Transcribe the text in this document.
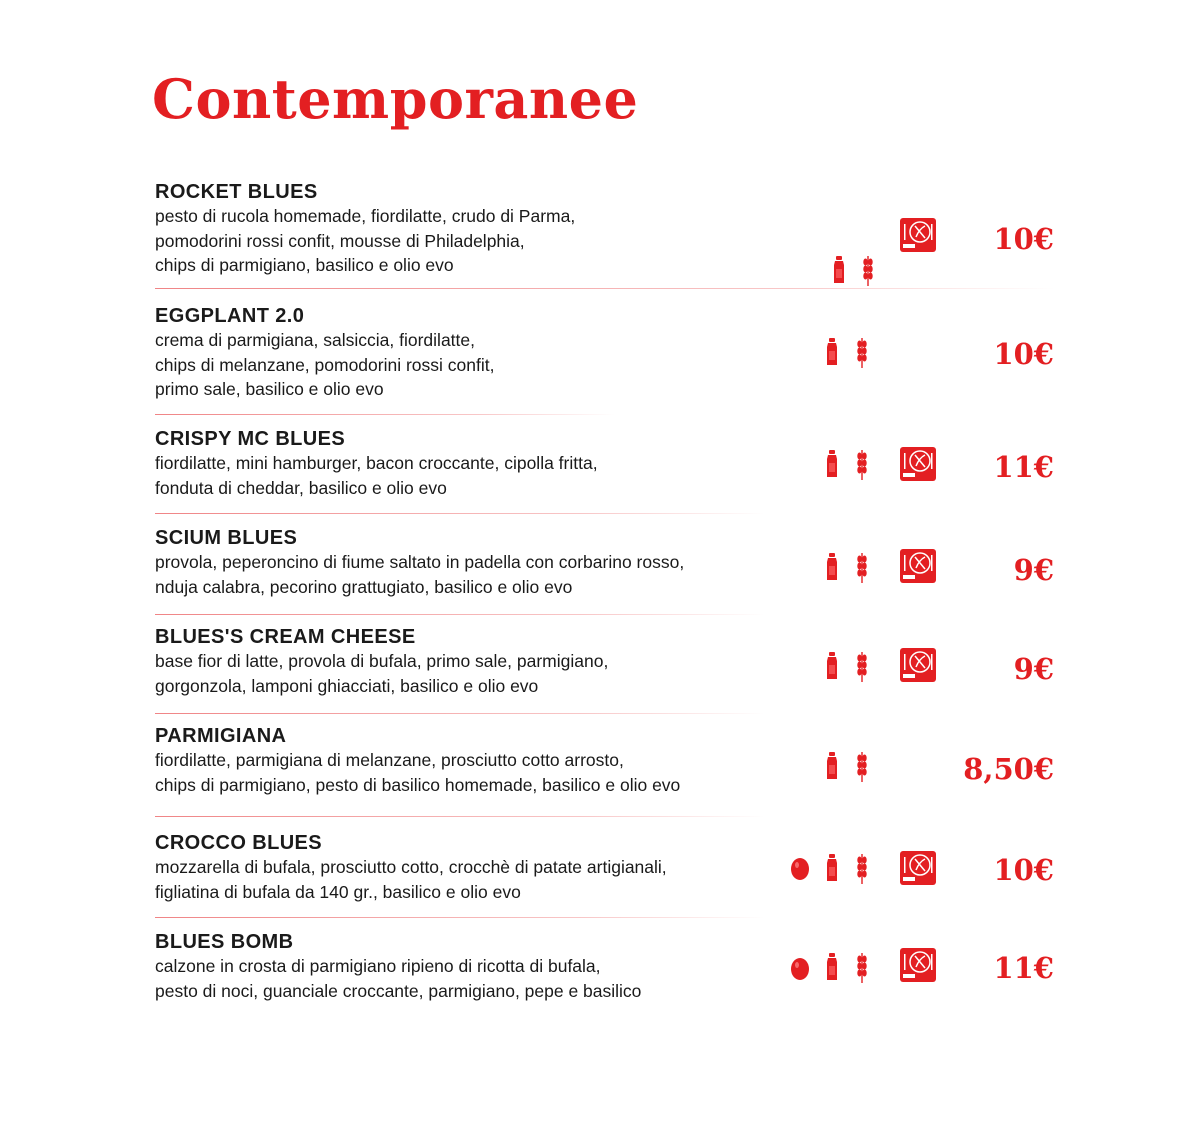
Contemporanee
ROCKET BLUES
pesto di rucola homemade, fiordilatte, crudo di Parma,
pomodorini rossi confit, mousse di Philadelphia,
chips di parmigiano, basilico e olio evo
10€
EGGPLANT 2.0
crema di parmigiana, salsiccia, fiordilatte,
chips di melanzane, pomodorini rossi confit,
primo sale, basilico e olio evo
10€
CRISPY MC BLUES
fiordilatte, mini hamburger, bacon croccante, cipolla fritta,
fonduta di cheddar, basilico e olio evo
11€
SCIUM BLUES
provola, peperoncino di fiume saltato in padella con corbarino rosso,
nduja calabra, pecorino grattugiato, basilico e olio evo	9€
BLUES'S CREAM CHEESE
base fior di latte, provola di bufala, primo sale, parmigiano,
gorgonzola, lamponi ghiacciati, basilico e olio evo	9€
PARMIGIANA
fiordilatte, parmigiana di melanzane, prosciutto cotto arrosto,
chips di parmigiano, pesto di basilico homemade, basilico e olio evo	8,50€
CROCCO BLUES
mozzarella di bufala, prosciutto cotto, crocchè di patate artigianali,
figliatina di bufala da 140 gr., basilico e olio evo
10€
BLUES BOMB
calzone in crosta di parmigiano ripieno di ricotta di bufala,
pesto di noci, guanciale croccante, parmigiano, pepe e basilico
11€
